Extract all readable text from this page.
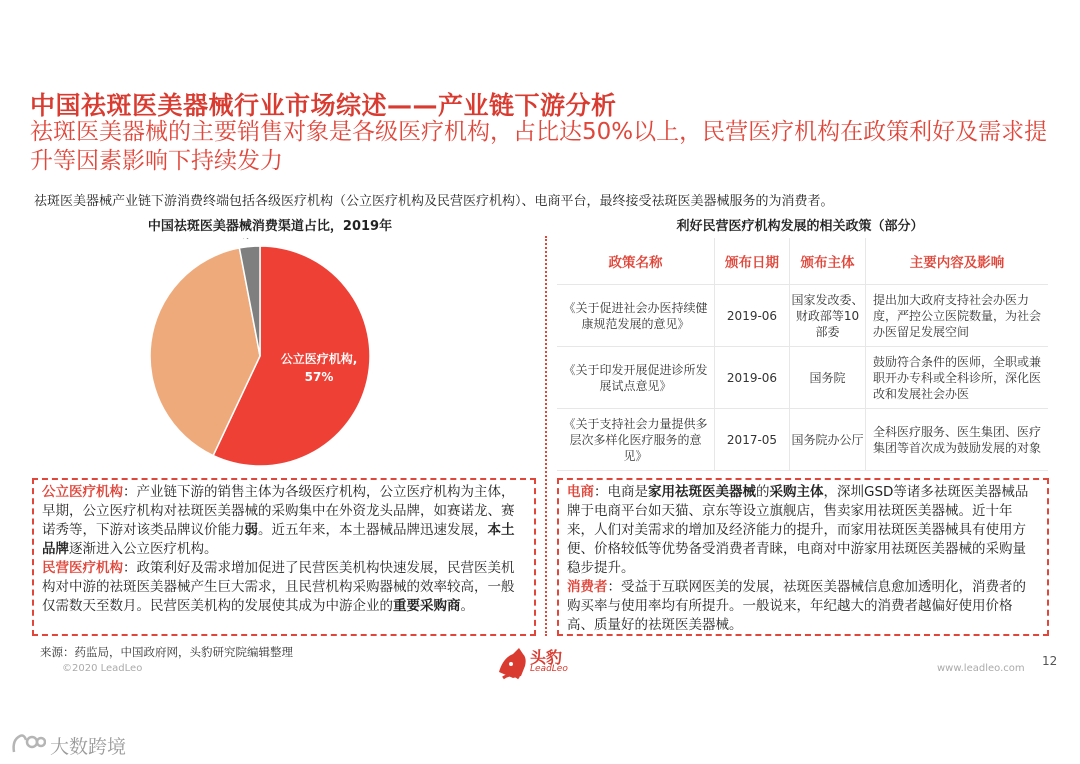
中国祛斑医美器械行业市场综述——产业链下游分析
祛斑医美器械的主要销售对象是各级医疗机构，占比达50%以上，民营医疗机构在政策利好及需求提升等因素影响下持续发力
祛斑医美器械产业链下游消费终端包括各级医疗机构（公立医疗机构及民营医疗机构）、电商平台，最终接受祛斑医美器械服务的为消费者。
中国祛斑医美器械消费渠道占比，2019年	利好民营医疗机构发展的相关政策（部分）
公立医疗机构,
57%
政策名称	颁布日期	颁布主体	主要内容及影响
《关于促进社会办医持续健康规范发展的意见》	2019-06	国家发改委、财政部等10部委	提出加大政府支持社会办医力度，严控公立医院数量，为社会办医留足发展空间
《关于印发开展促进诊所发展试点意见》	2019-06	国务院	鼓励符合条件的医师，全职或兼职开办专科或全科诊所，深化医改和发展社会办医
《关于支持社会力量提供多层次多样化医疗服务的意见》	2017-05	国务院办公厅	全科医疗服务、医生集团、医疗集团等首次成为鼓励发展的对象
公立医疗机构：产业链下游的销售主体为各级医疗机构，公立医疗机构为主体，早期，公立医疗机构对祛斑医美器械的采购集中在外资龙头品牌，如赛诺龙、赛诺秀等，下游对该类品牌议价能力弱。近五年来，本土器械品牌迅速发展，本土品牌逐渐进入公立医疗机构。
民营医疗机构：政策利好及需求增加促进了民营医美机构快速发展，民营医美机构对中游的祛斑医美器械产生巨大需求，且民营机构采购器械的效率较高，一般仅需数天至数月。民营医美机构的发展使其成为中游企业的重要采购商。
电商：电商是家用祛斑医美器械的采购主体，深圳GSD等诸多祛斑医美器械品牌于电商平台如天猫、京东等设立旗舰店，售卖家用祛斑医美器械。近十年来，人们对美需求的增加及经济能力的提升，而家用祛斑医美器械具有使用方便、价格较低等优势备受消费者青睐，电商对中游家用祛斑医美器械的采购量稳步提升。
消费者：受益于互联网医美的发展，祛斑医美器械信息愈加透明化，消费者的购买率与使用率均有所提升。一般说来，年纪越大的消费者越偏好使用价格高、质量好的祛斑医美器械。
来源：药监局，中国政府网，头豹研究院编辑整理
©2020 LeadLeo
头豹
LeadLeo	www.leadleo.com
12
大数跨境
